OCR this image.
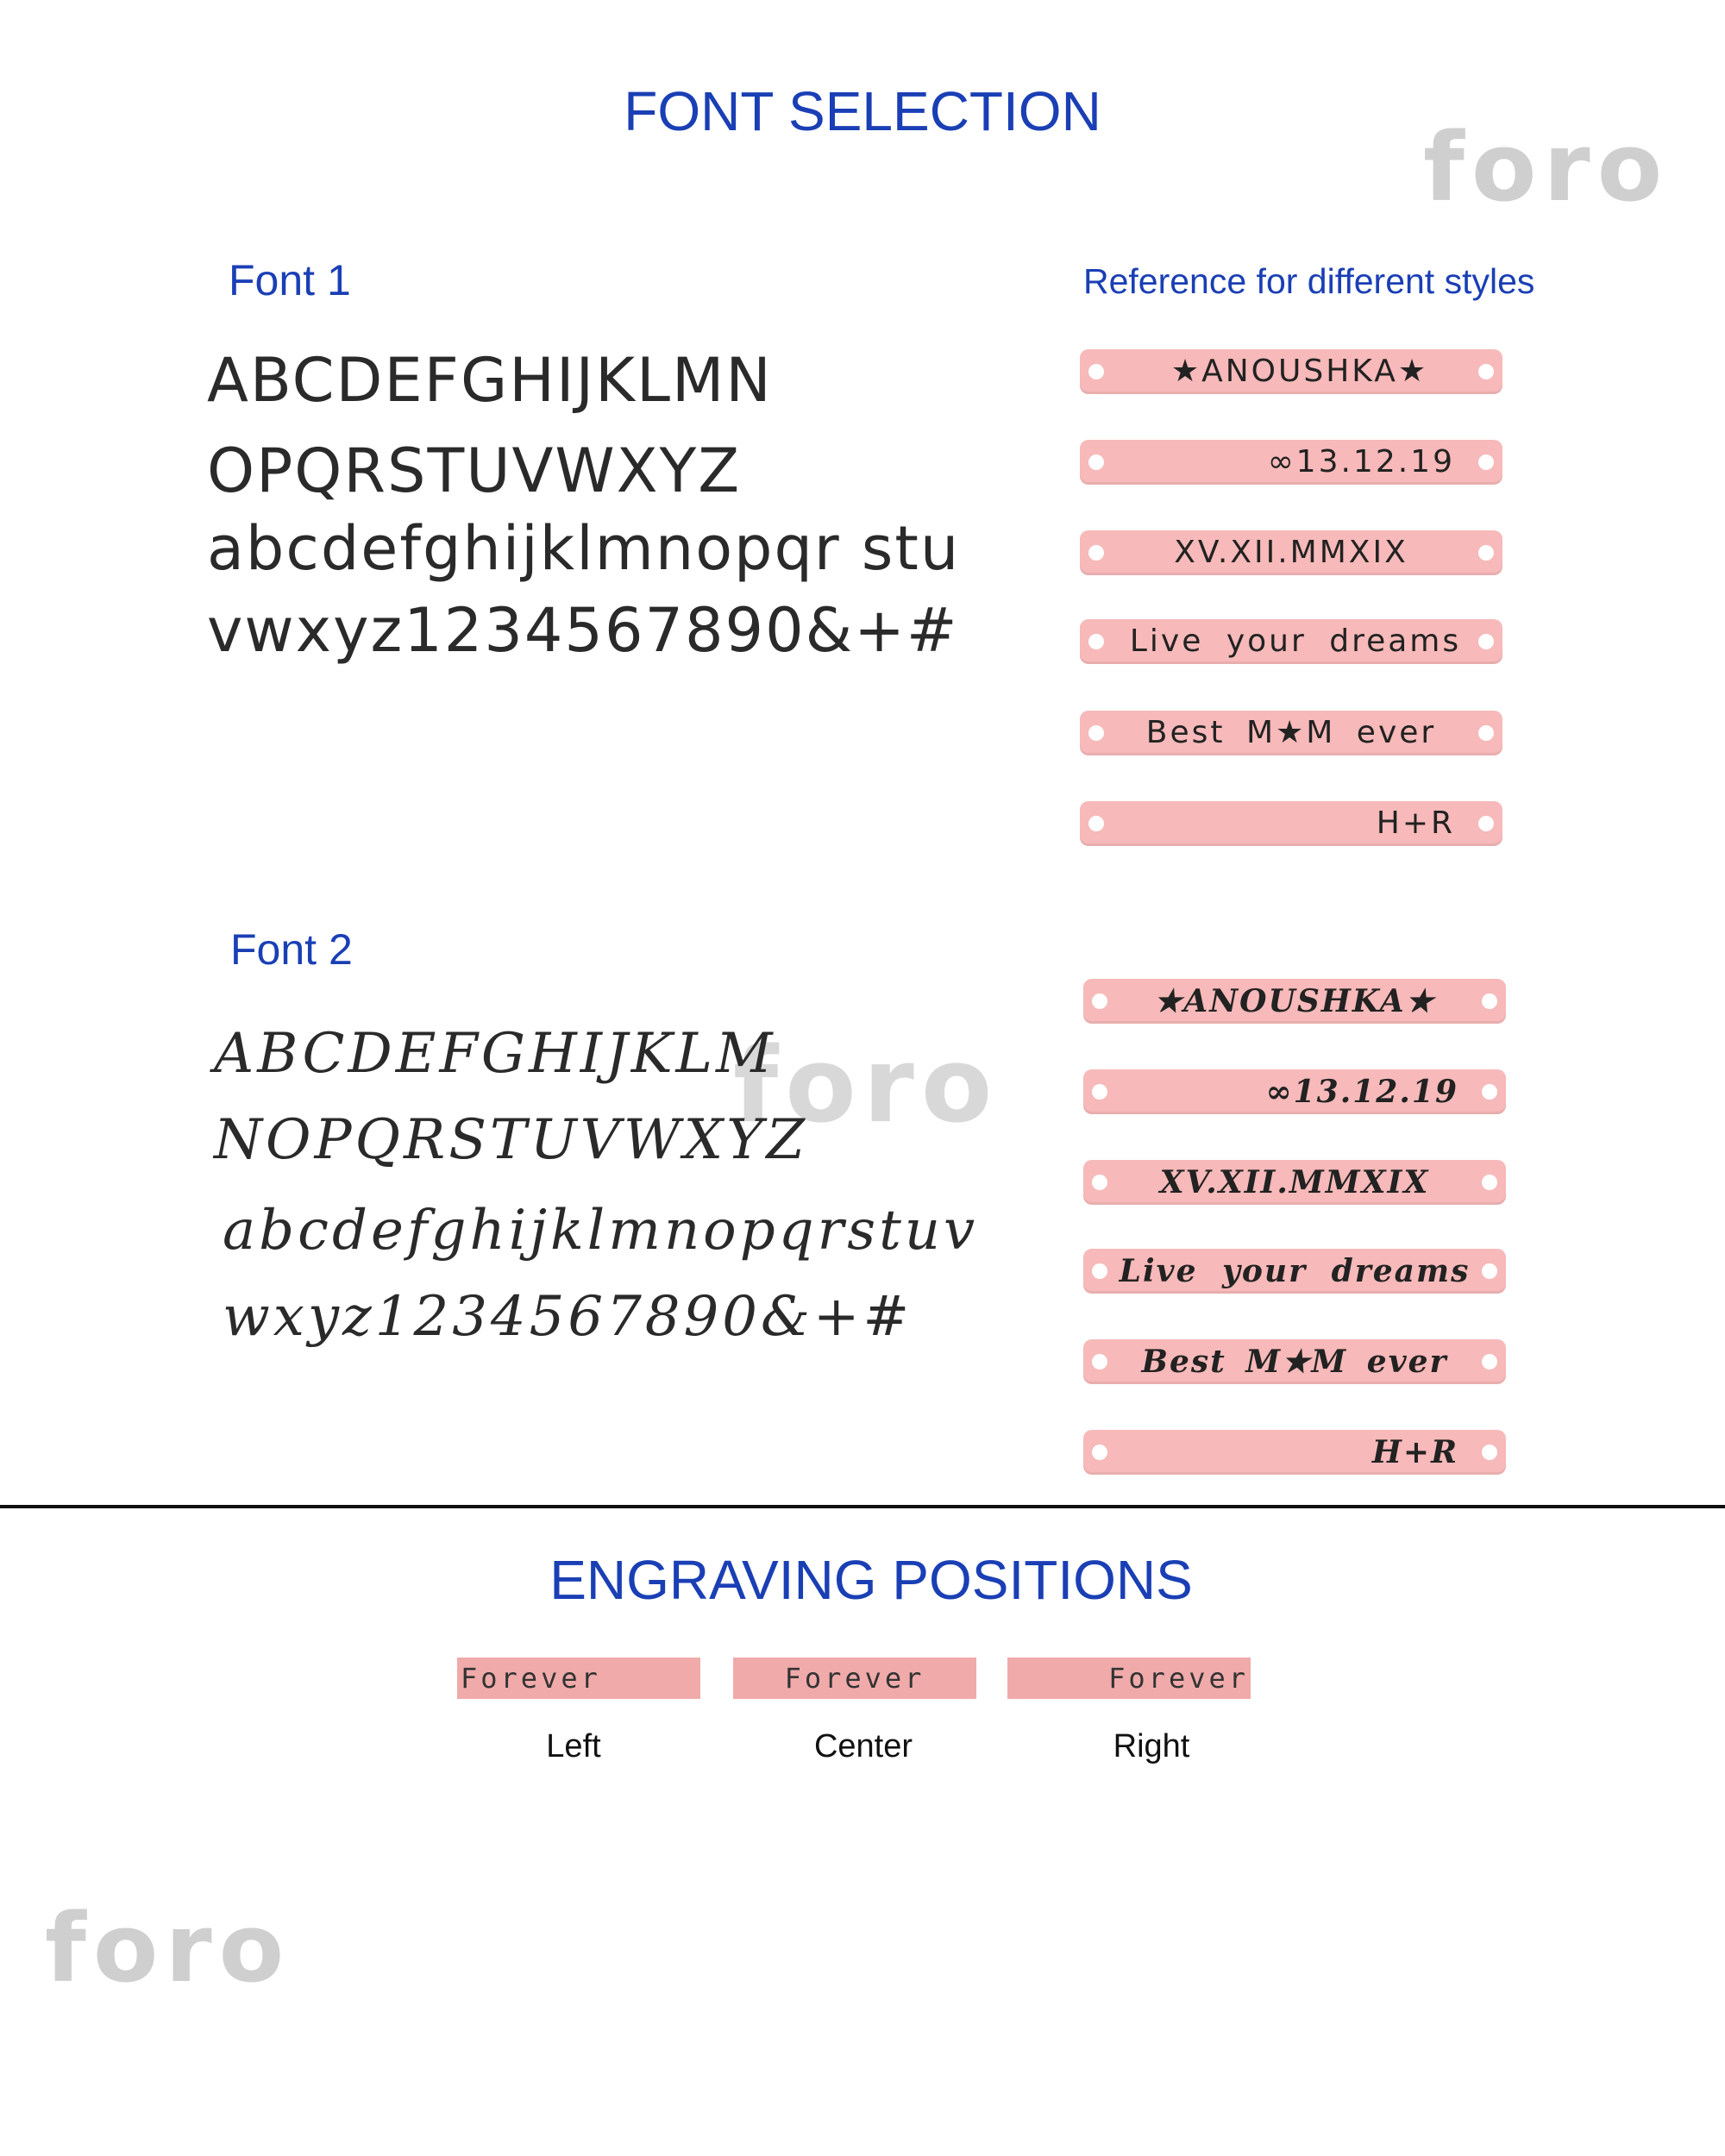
FONT SELECTION
foro
foro
foro
Font 1	Reference for different styles
ABCDEFGHIJKLMN
OPQRSTUVWXYZ
abcdefghijklmnopqr stu
vwxyz1234567890&+#
★ANOUSHKA★
∞13.12.19
XV.XII.MMXIX
Live your dreams
Best M★M ever
H+R
Font 2
ABCDEFGHIJKLM
NOPQRSTUVWXYZ
abcdefghijklmnopqrstuv
wxyz1234567890&+#
★ANOUSHKA★
∞13.12.19
XV.XII.MMXIX
Live your dreams
Best M★M ever
H+R
ENGRAVING POSITIONS
Forever	Forever	Forever
Left	Center	Right
